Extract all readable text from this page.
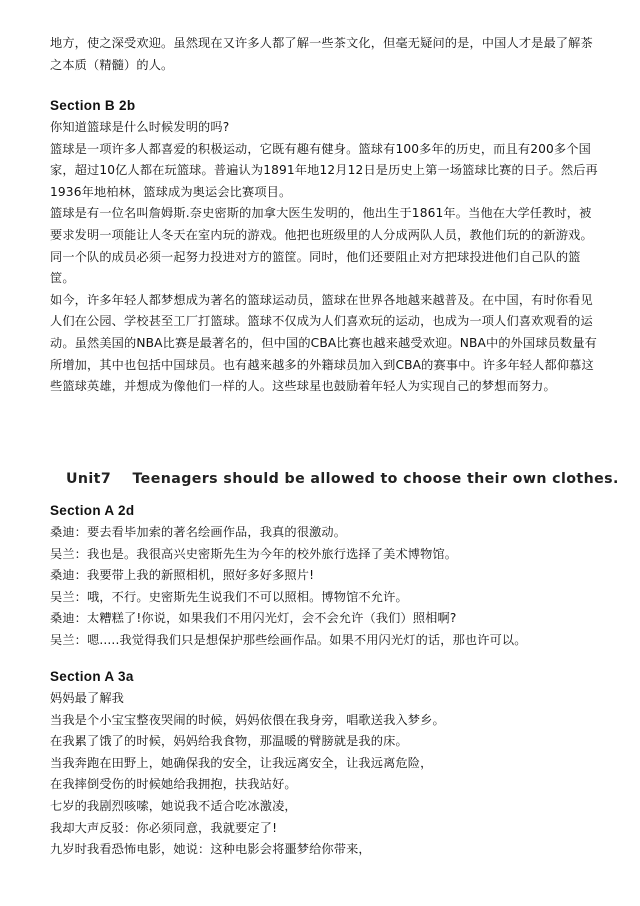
地方，使之深受欢迎。虽然现在又许多人都了解一些茶文化，但毫无疑问的是，中国人才是最了解茶
之本质（精髓）的人。

Section B 2b

你知道篮球是什么时候发明的吗?
篮球是一项许多人都喜爱的积极运动，它既有趣有健身。篮球有100多年的历史，而且有200多个国
家，超过10亿人都在玩篮球。普遍认为1891年地12月12日是历史上第一场篮球比赛的日子。然后再
1936年地柏林，篮球成为奥运会比赛项目。
篮球是有一位名叫詹姆斯.奈史密斯的加拿大医生发明的，他出生于1861年。当他在大学任教时，被
要求发明一项能让人冬天在室内玩的游戏。他把也班级里的人分成两队人员，教他们玩的的新游戏。
同一个队的成员必须一起努力投进对方的篮筐。同时，他们还要阻止对方把球投进他们自己队的篮
筐。
如今，许多年轻人都梦想成为著名的篮球运动员，篮球在世界各地越来越普及。在中国，有时你看见
人们在公园、学校甚至工厂打篮球。篮球不仅成为人们喜欢玩的运动，也成为一项人们喜欢观看的运
动。虽然美国的NBA比赛是最著名的，但中国的CBA比赛也越来越受欢迎。NBA中的外国球员数量有
所增加，其中也包括中国球员。也有越来越多的外籍球员加入到CBA的赛事中。许多年轻人都仰慕这
些篮球英雄，并想成为像他们一样的人。这些球星也鼓励着年轻人为实现自己的梦想而努力。

Unit7    Teenagers should be allowed to choose their own clothes.
Section A 2d

桑迪：要去看毕加索的著名绘画作品，我真的很激动。
吴兰：我也是。我很高兴史密斯先生为今年的校外旅行选择了美术博物馆。
桑迪：我要带上我的新照相机，照好多好多照片!
吴兰：哦，不行。史密斯先生说我们不可以照相。博物馆不允许。
桑迪：太糟糕了!你说，如果我们不用闪光灯，会不会允许（我们）照相啊?
吴兰：嗯.....我觉得我们只是想保护那些绘画作品。如果不用闪光灯的话，那也许可以。

Section A 3a

妈妈最了解我
当我是个小宝宝整夜哭闹的时候，妈妈依偎在我身旁，唱歌送我入梦乡。
在我累了饿了的时候，妈妈给我食物，那温暖的臂膀就是我的床。
当我奔跑在田野上，她确保我的安全，让我远离安全，让我远离危险，
在我摔倒受伤的时候她给我拥抱，扶我站好。
七岁的我剧烈咳嗦，她说我不适合吃冰激凌，
我却大声反驳：你必须同意，我就要定了!
九岁时我看恐怖电影，她说：这种电影会将噩梦给你带来，
